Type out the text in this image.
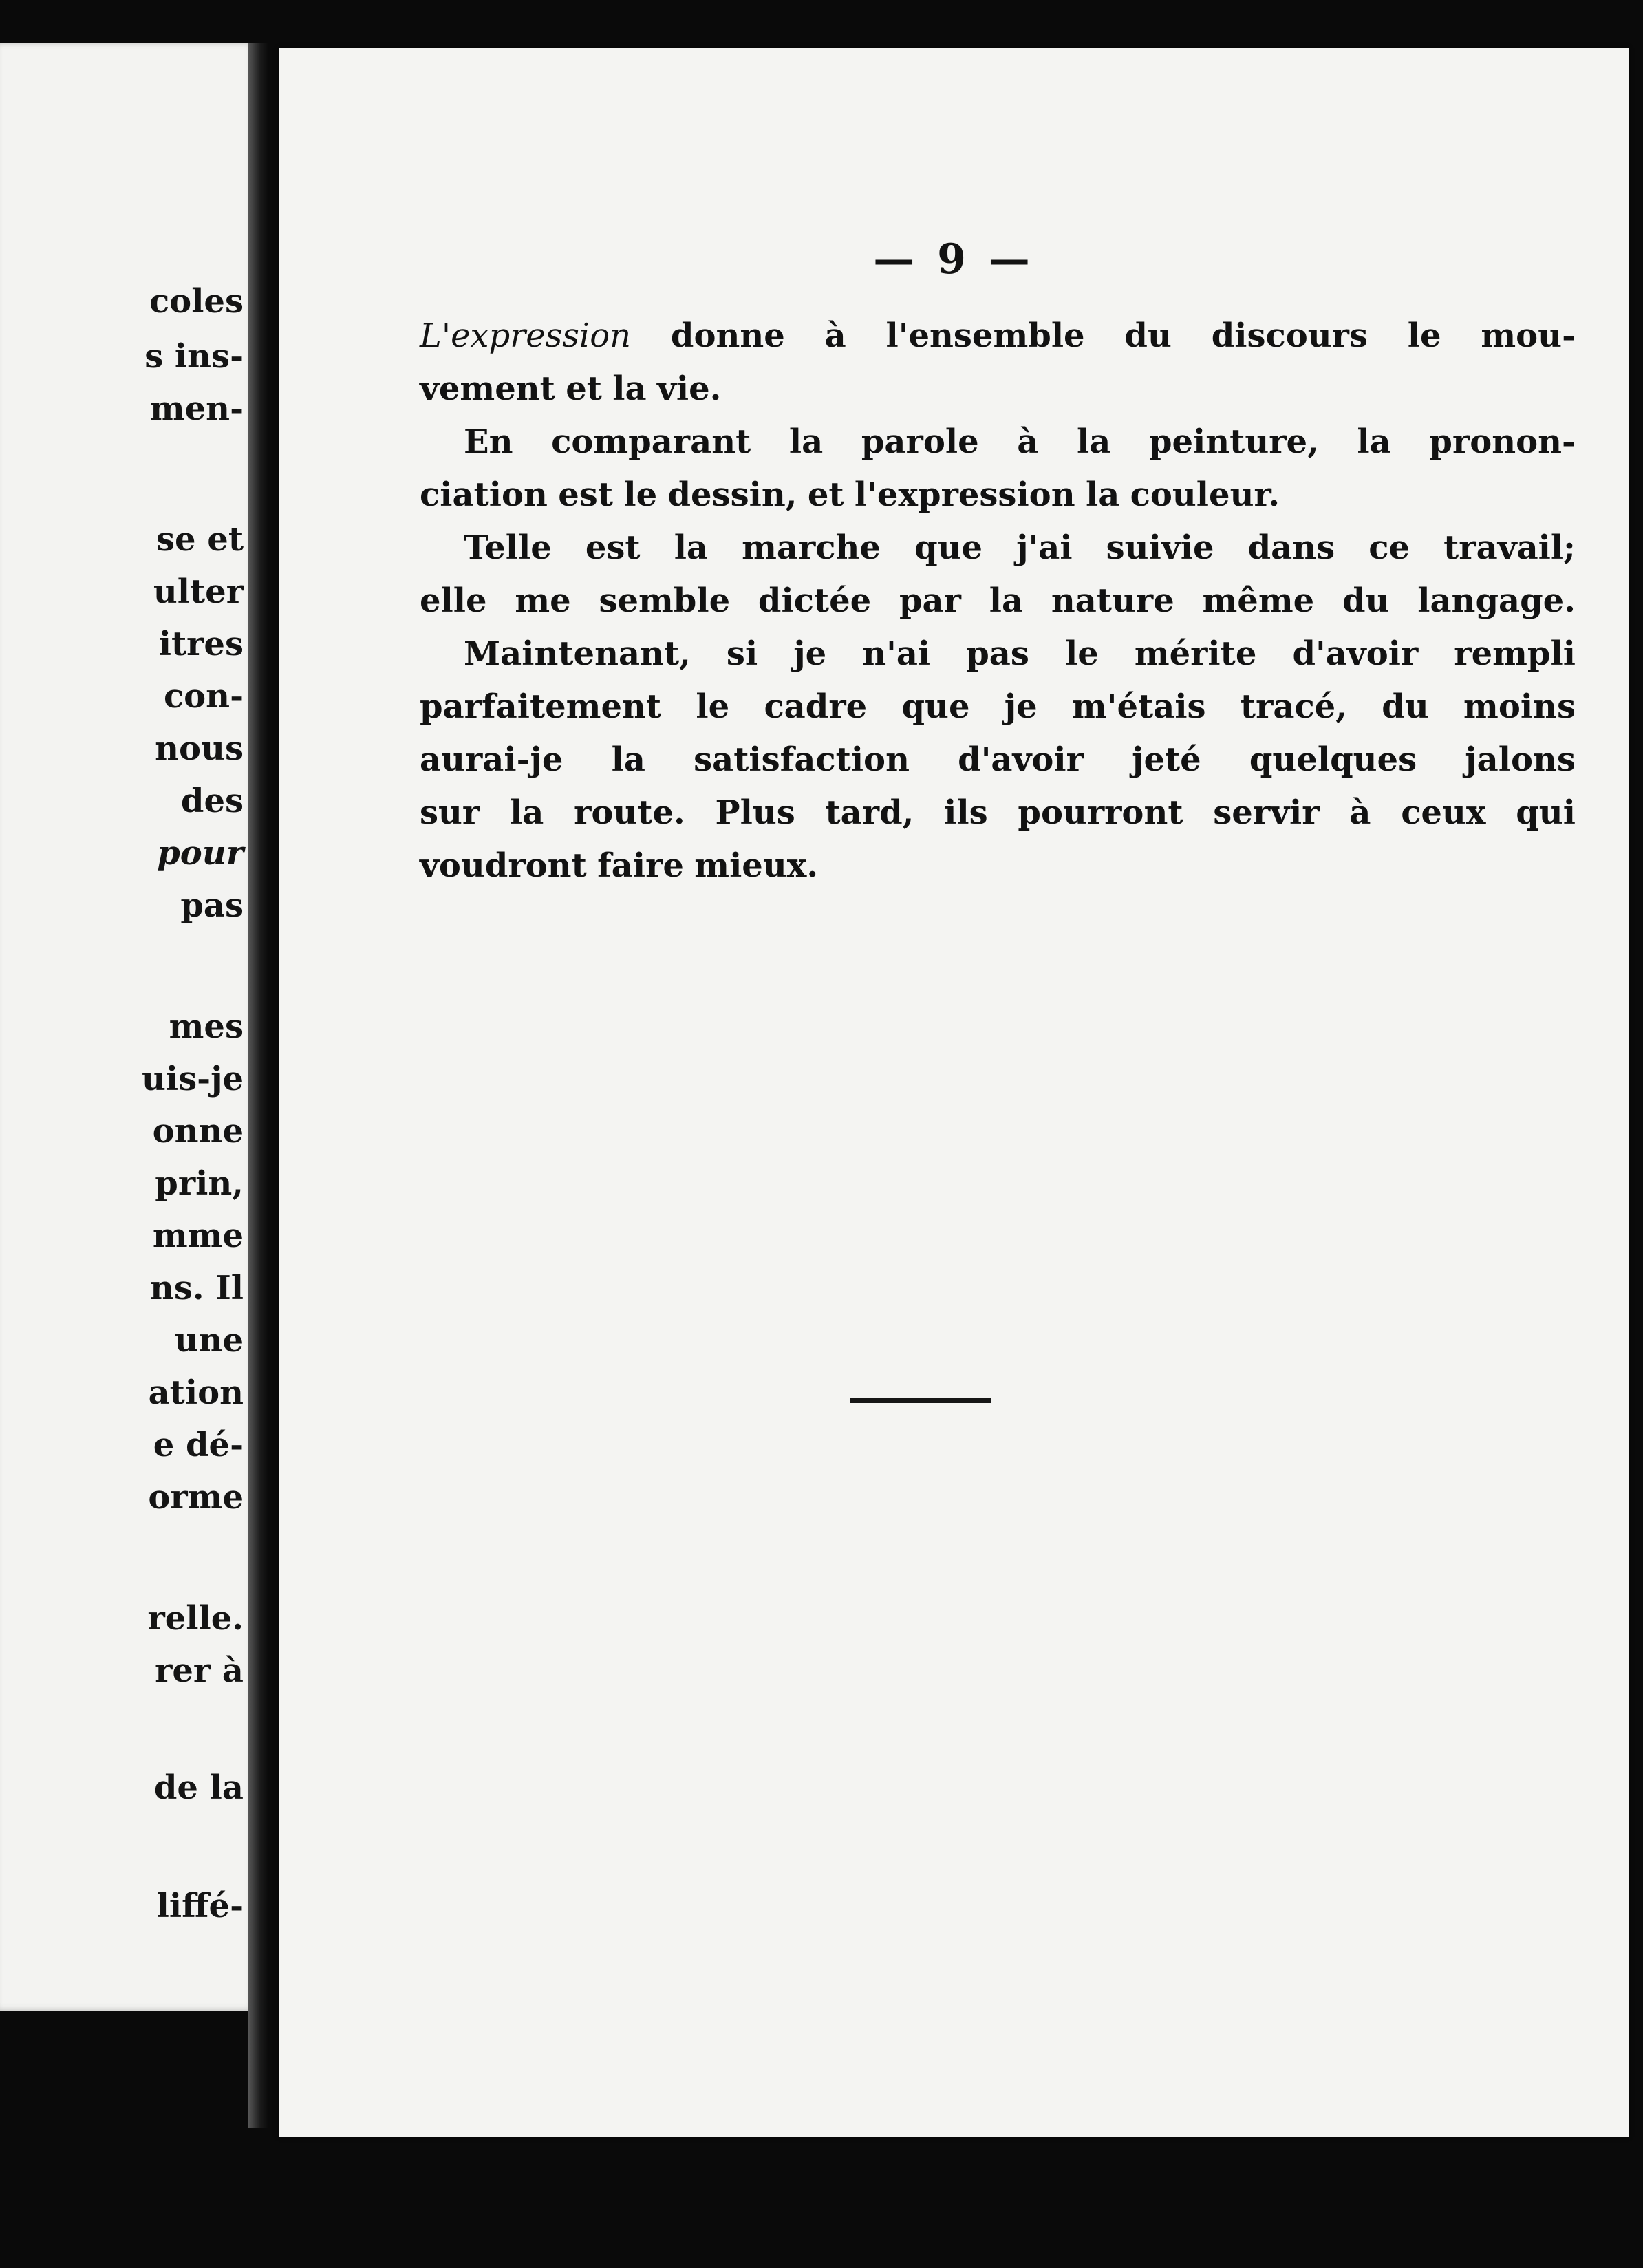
coles
s ins-
men-
se et
ulter
itres
con-
nous
des
pour
pas
mes
uis-je
onne
prin,
mme
ns. Il
une
ation
e dé-
orme
relle.
rer à
de la
liffé-
— 9 —
L'expression donne à l'ensemble du discours le mou-
vement et la vie.
En comparant la parole à la peinture, la pronon-
ciation est le dessin, et l'expression la couleur.
Telle est la marche que j'ai suivie dans ce travail;
elle me semble dictée par la nature même du langage.
Maintenant, si je n'ai pas le mérite d'avoir rempli
parfaitement le cadre que je m'étais tracé, du moins
aurai-je la satisfaction d'avoir jeté quelques jalons
sur la route. Plus tard, ils pourront servir à ceux qui
voudront faire mieux.
